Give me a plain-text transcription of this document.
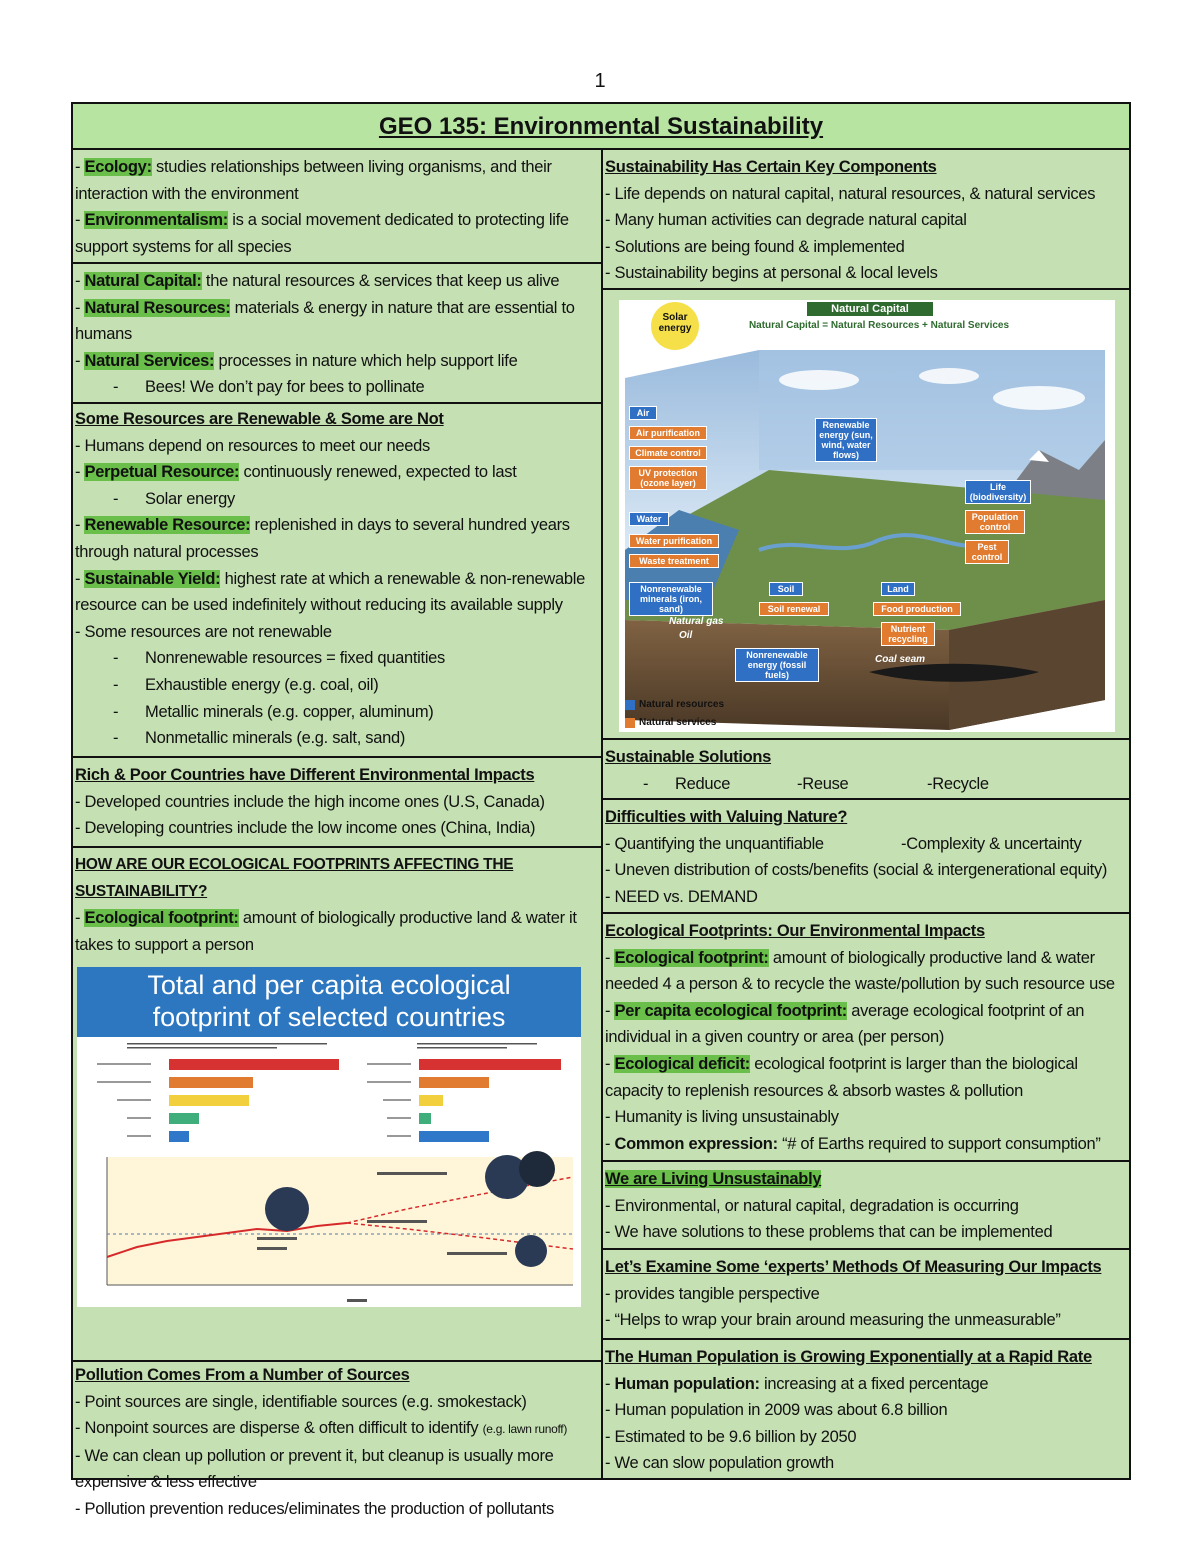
1
GEO 135: Environmental Sustainability
- Ecology: studies relationships between living organisms, and their
interaction with the environment
- Environmentalism: is a social movement dedicated to protecting life
support systems for all species
- Natural Capital: the natural resources & services that keep us alive
- Natural Resources: materials & energy in nature that are essential to
humans
- Natural Services: processes in nature which help support life
- Bees! We don’t pay for bees to pollinate
Some Resources are Renewable & Some are Not
- Humans depend on resources to meet our needs
- Perpetual Resource: continuously renewed, expected to last
- Solar energy
- Renewable Resource: replenished in days to several hundred years
through natural processes
- Sustainable Yield: highest rate at which a renewable & non-renewable
resource can be used indefinitely without reducing its available supply
- Some resources are not renewable
- Nonrenewable resources = fixed quantities
- Exhaustible energy (e.g. coal, oil)
- Metallic minerals (e.g. copper, aluminum)
- Nonmetallic minerals (e.g. salt, sand)
Rich & Poor Countries have Different Environmental Impacts
- Developed countries include the high income ones (U.S, Canada)
- Developing countries include the low income ones (China, India)
HOW ARE OUR ECOLOGICAL FOOTPRINTS AFFECTING THE
SUSTAINABILITY?
- Ecological footprint: amount of biologically productive land & water it
takes to support a person
Total and per capita ecological
footprint of selected countries
Pollution Comes From a Number of Sources
- Point sources are single, identifiable sources (e.g. smokestack)
- Nonpoint sources are disperse & often difficult to identify (e.g. lawn runoff)
- We can clean up pollution or prevent it, but cleanup is usually more
expensive & less effective
- Pollution prevention reduces/eliminates the production of pollutants
Sustainability Has Certain Key Components
- Life depends on natural capital, natural resources, & natural services
- Many human activities can degrade natural capital
- Solutions are being found & implemented
- Sustainability begins at personal & local levels
Solar energy
Natural Capital
Natural Capital = Natural Resources + Natural Services
Air
Renewable energy (sun, wind, water flows)
Life (biodiversity)
Water
Soil	Land
Nonrenewable minerals (iron, sand)
Nonrenewable energy (fossil fuels)
Air purification
Climate control
UV protection (ozone layer)
Population control
Pest control
Water purification
Waste treatment
Soil renewal	Food production
Nutrient recycling
Natural gas
Oil
Coal seam
Natural resources
Natural services
Sustainable Solutions
- Reduce	-Reuse	-Recycle
Difficulties with Valuing Nature?
- Quantifying the unquantifiable	-Complexity & uncertainty
- Uneven distribution of costs/benefits (social & intergenerational equity)
- NEED vs. DEMAND
Ecological Footprints: Our Environmental Impacts
- Ecological footprint: amount of biologically productive land & water
needed 4 a person & to recycle the waste/pollution by such resource use
- Per capita ecological footprint: average ecological footprint of an
individual in a given country or area (per person)
- Ecological deficit: ecological footprint is larger than the biological
capacity to replenish resources & absorb wastes & pollution
- Humanity is living unsustainably
- Common expression: “# of Earths required to support consumption”
We are Living Unsustainably
- Environmental, or natural capital, degradation is occurring
- We have solutions to these problems that can be implemented
Let’s Examine Some ‘experts’ Methods Of Measuring Our Impacts
- provides tangible perspective
- “Helps to wrap your brain around measuring the unmeasurable”
The Human Population is Growing Exponentially at a Rapid Rate
- Human population: increasing at a fixed percentage
- Human population in 2009 was about 6.8 billion
- Estimated to be 9.6 billion by 2050
- We can slow population growth
